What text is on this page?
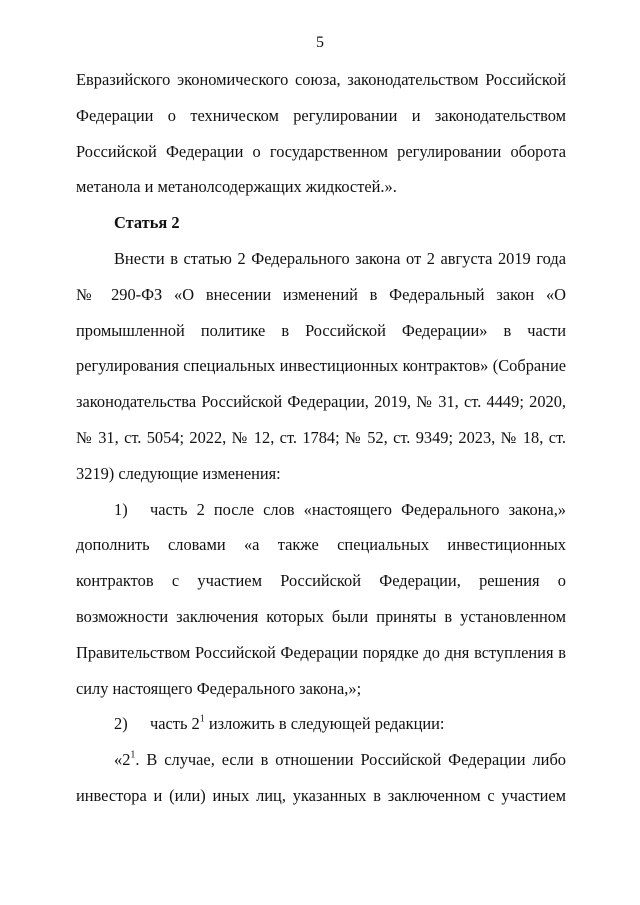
5

Евразийского экономического союза, законодательством Российской Федерации о техническом регулировании и законодательством Российской Федерации о государственном регулировании оборота метанола и метанолсодержащих жидкостей.».

Статья 2

Внести в статью 2 Федерального закона от 2 августа 2019 года № 290-ФЗ «О внесении изменений в Федеральный закон «О промышленной политике в Российской Федерации» в части регулирования специальных инвестиционных контрактов» (Собрание законодательства Российской Федерации, 2019, № 31, ст. 4449; 2020, № 31, ст. 5054; 2022, № 12, ст. 1784; № 52, ст. 9349; 2023, № 18, ст. 3219) следующие изменения:

1) часть 2 после слов «настоящего Федерального закона,» дополнить словами «а также специальных инвестиционных контрактов с участием Российской Федерации, решения о возможности заключения которых были приняты в установленном Правительством Российской Федерации порядке до дня вступления в силу настоящего Федерального закона,»;

2) часть $2^1$ изложить в следующей редакции:

«$2^1$. В случае, если в отношении Российской Федерации либо инвестора и (или) иных лиц, указанных в заключенном с участием
